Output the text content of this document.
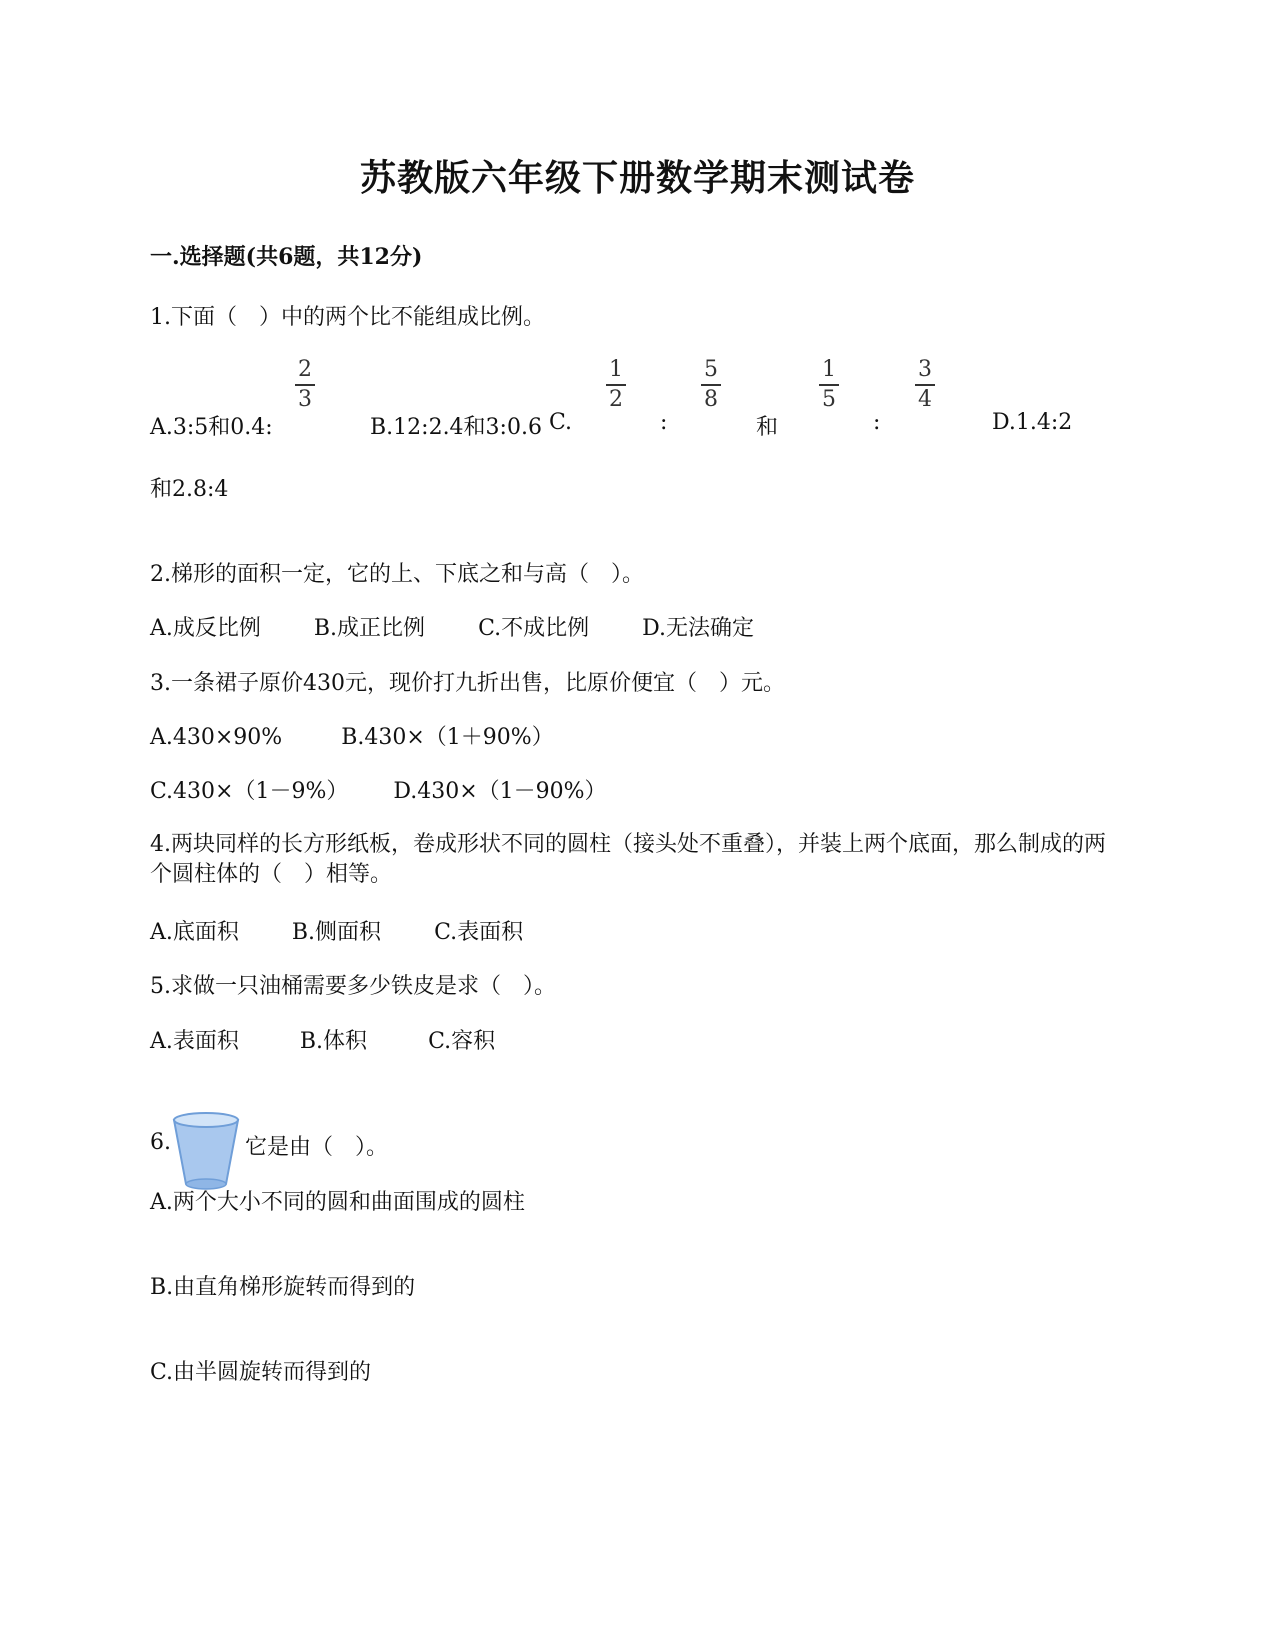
苏教版六年级下册数学期末测试卷
一.选择题(共6题，共12分)
1.下面（　）中的两个比不能组成比例。
A.3:5和0.4:
2
3
B.12:2.4和3:0.6 C.
1
2
:
5
8
和
1
5
:
3
4
D.1.4:2
和2.8:4
2.梯形的面积一定，它的上、下底之和与高（　）。
A.成反比例 B.成正比例 C.不成比例 D.无法确定
3.一条裙子原价430元，现价打九折出售，比原价便宜（　）元。
A.430×90%	B.430×（1＋90%）
C.430×（1－9%） D.430×（1－90%）
4.两块同样的长方形纸板，卷成形状不同的圆柱（接头处不重叠），并装上两个底面，那么制成的两个圆柱体的（　）相等。
A.底面积 B.侧面积 C.表面积
5.求做一只油桶需要多少铁皮是求（　）。
A.表面积	B.体积	C.容积
6.	它是由（　）。
A.两个大小不同的圆和曲面围成的圆柱
B.由直角梯形旋转而得到的
C.由半圆旋转而得到的
